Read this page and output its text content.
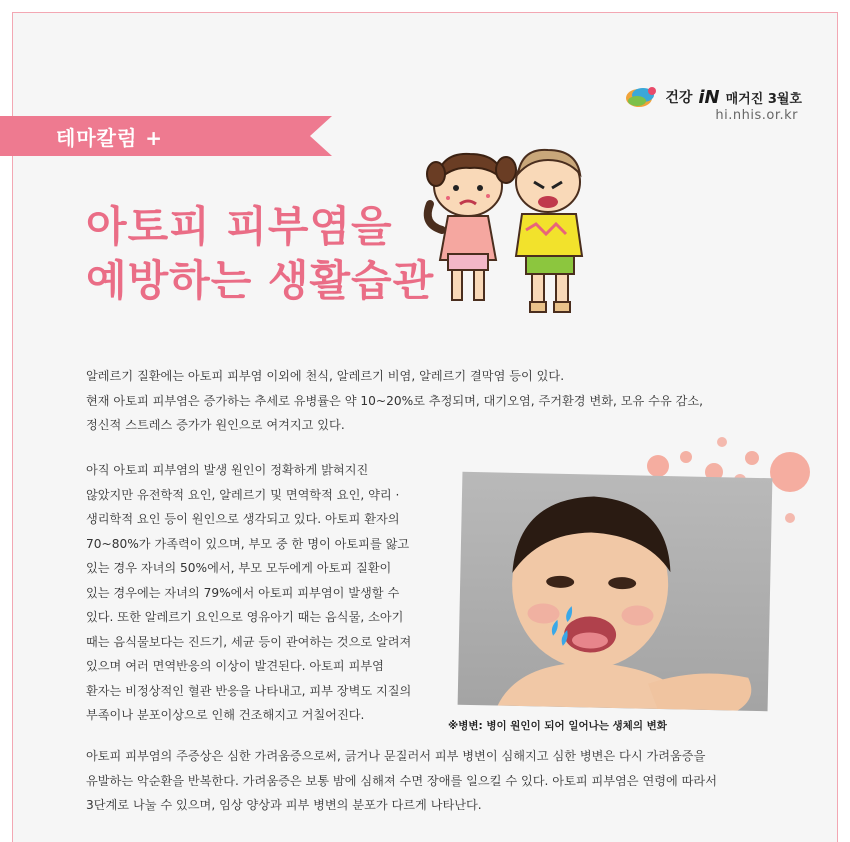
건강 iN 매거진 3월호
hi.nhis.or.kr
테마칼럼 +
아토피 피부염을
예방하는 생활습관
알레르기 질환에는 아토피 피부염 이외에 천식, 알레르기 비염, 알레르기 결막염 등이 있다.
현재 아토피 피부염은 증가하는 추세로 유병률은 약 10~20%로 추정되며, 대기오염, 주거환경 변화, 모유 수유 감소,
정신적 스트레스 증가가 원인으로 여겨지고 있다.
아직 아토피 피부염의 발생 원인이 정확하게 밝혀지진
않았지만 유전학적 요인, 알레르기 및 면역학적 요인, 약리 ·
생리학적 요인 등이 원인으로 생각되고 있다. 아토피 환자의
70~80%가 가족력이 있으며, 부모 중 한 명이 아토피를 앓고
있는 경우 자녀의 50%에서, 부모 모두에게 아토피 질환이
있는 경우에는 자녀의 79%에서 아토피 피부염이 발생할 수
있다. 또한 알레르기 요인으로 영유아기 때는 음식물, 소아기
때는 음식물보다는 진드기, 세균 등이 관여하는 것으로 알려져
있으며 여러 면역반응의 이상이 발견된다. 아토피 피부염
환자는 비정상적인 혈관 반응을 나타내고, 피부 장벽도 지질의
부족이나 분포이상으로 인해 건조해지고 거칠어진다.
※병변: 병이 원인이 되어 일어나는 생체의 변화
아토피 피부염의 주증상은 심한 가려움증으로써, 긁거나 문질러서 피부 병변이 심해지고 심한 병변은 다시 가려움증을
유발하는 악순환을 반복한다. 가려움증은 보통 밤에 심해져 수면 장애를 일으킬 수 있다. 아토피 피부염은 연령에 따라서
3단계로 나눌 수 있으며, 임상 양상과 피부 병변의 분포가 다르게 나타난다.
